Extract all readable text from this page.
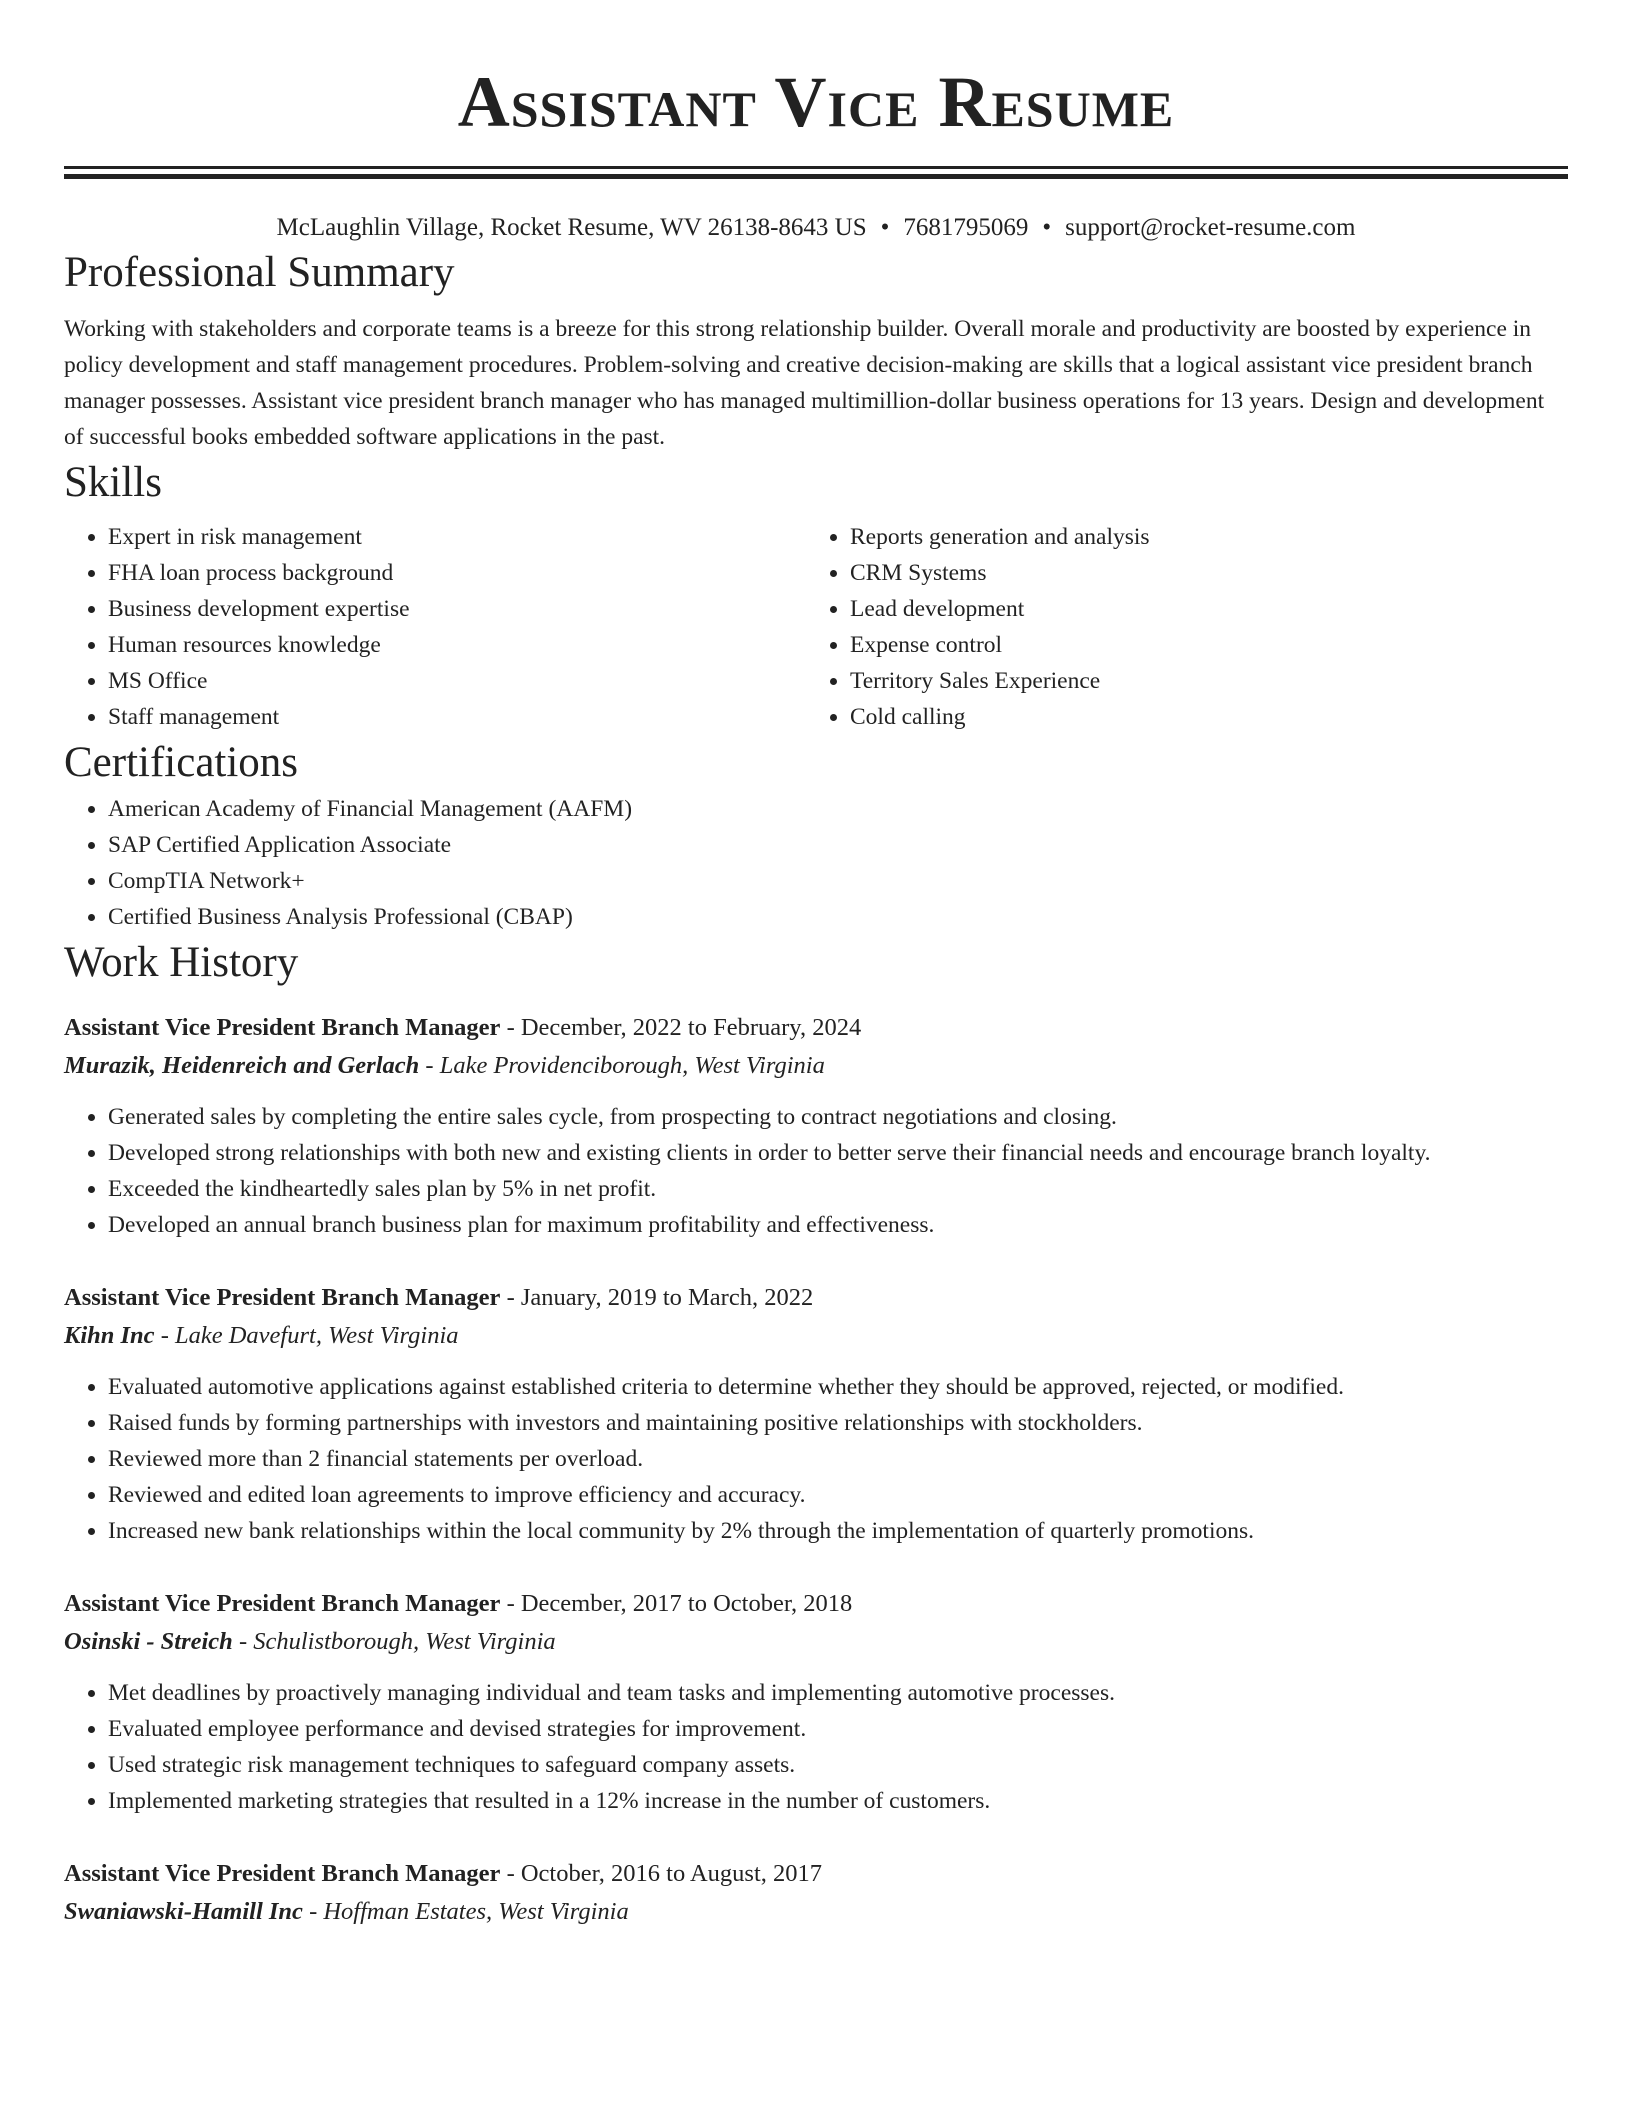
Assistant Vice Resume
McLaughlin Village, Rocket Resume, WV 26138-8643 US • 7681795069 • support@rocket-resume.com
Professional Summary

Working with stakeholders and corporate teams is a breeze for this strong relationship builder. Overall morale and productivity are boosted by experience in policy development and staff management procedures. Problem-solving and creative decision-making are skills that a logical assistant vice president branch manager possesses. Assistant vice president branch manager who has managed multimillion-dollar business operations for 13 years. Design and development of successful books embedded software applications in the past.

Skills
• Expert in risk management
• FHA loan process background
• Business development expertise
• Human resources knowledge
• MS Office
• Staff management
• Reports generation and analysis
• CRM Systems
• Lead development
• Expense control
• Territory Sales Experience
• Cold calling
Certifications
• American Academy of Financial Management (AAFM)
• SAP Certified Application Associate
• CompTIA Network+
• Certified Business Analysis Professional (CBAP)
Work History
Assistant Vice President Branch Manager - December, 2022 to February, 2024
Murazik, Heidenreich and Gerlach - Lake Providenciborough, West Virginia
• Generated sales by completing the entire sales cycle, from prospecting to contract negotiations and closing.
• Developed strong relationships with both new and existing clients in order to better serve their financial needs and encourage branch loyalty.
• Exceeded the kindheartedly sales plan by 5% in net profit.
• Developed an annual branch business plan for maximum profitability and effectiveness.
Assistant Vice President Branch Manager - January, 2019 to March, 2022
Kihn Inc - Lake Davefurt, West Virginia
• Evaluated automotive applications against established criteria to determine whether they should be approved, rejected, or modified.
• Raised funds by forming partnerships with investors and maintaining positive relationships with stockholders.
• Reviewed more than 2 financial statements per overload.
• Reviewed and edited loan agreements to improve efficiency and accuracy.
• Increased new bank relationships within the local community by 2% through the implementation of quarterly promotions.
Assistant Vice President Branch Manager - December, 2017 to October, 2018
Osinski - Streich - Schulistborough, West Virginia
• Met deadlines by proactively managing individual and team tasks and implementing automotive processes.
• Evaluated employee performance and devised strategies for improvement.
• Used strategic risk management techniques to safeguard company assets.
• Implemented marketing strategies that resulted in a 12% increase in the number of customers.
Assistant Vice President Branch Manager - October, 2016 to August, 2017
Swaniawski-Hamill Inc - Hoffman Estates, West Virginia
